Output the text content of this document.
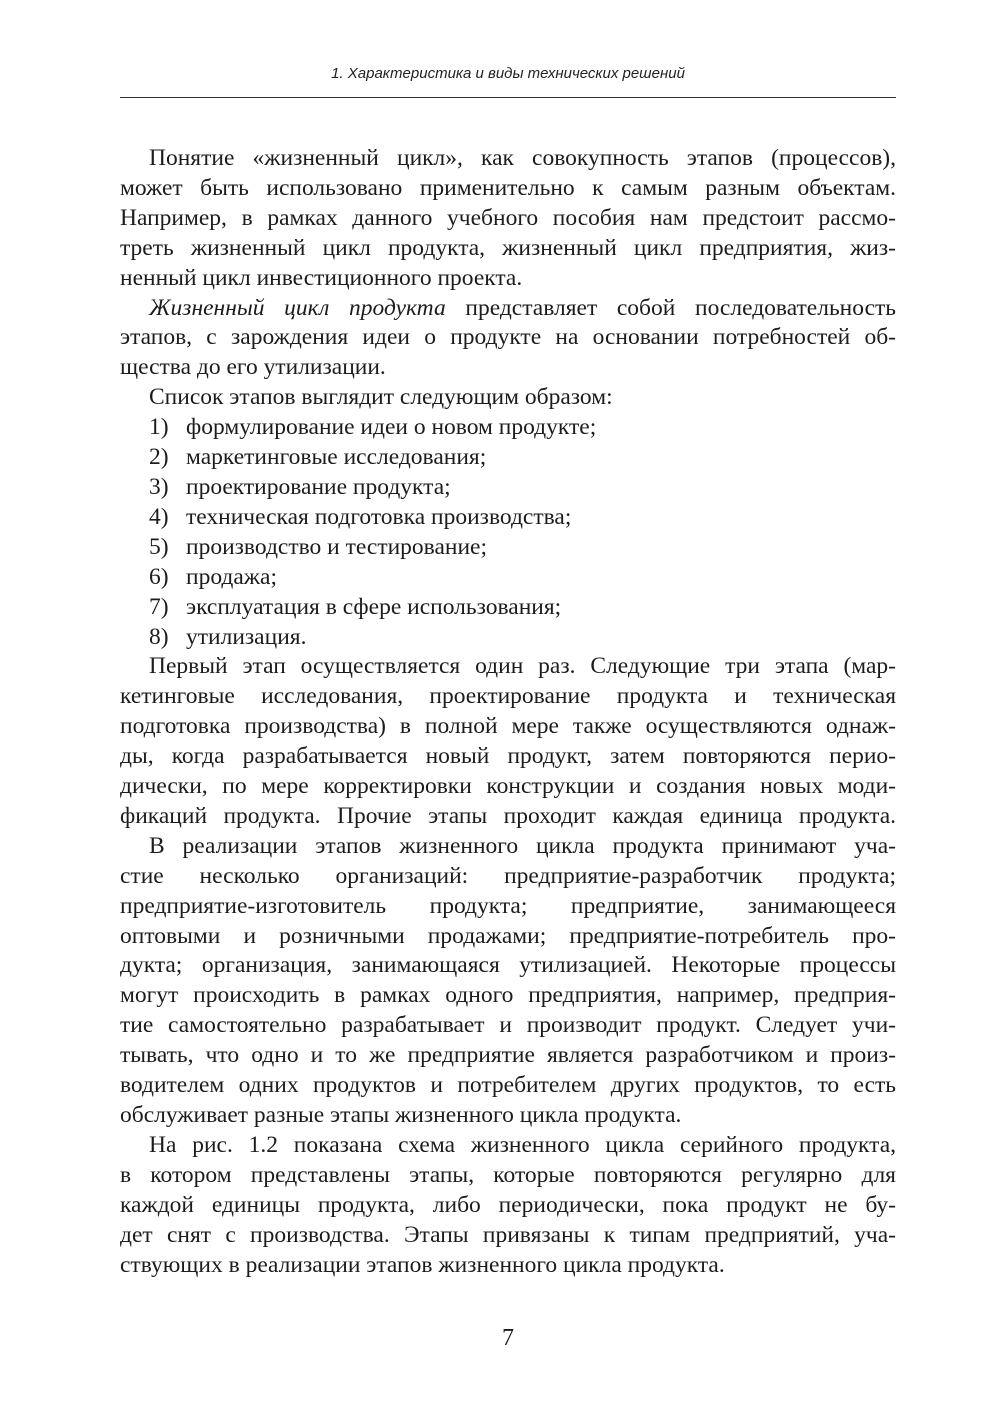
1. Характеристика и виды технических решений
Понятие «жизненный цикл», как совокупность этапов (процессов),
может быть использовано применительно к самым разным объектам.
Например, в рамках данного учебного пособия нам предстоит рассмо-
треть жизненный цикл продукта, жизненный цикл предприятия, жиз-
ненный цикл инвестиционного проекта.
Жизненный цикл продукта представляет собой последовательность
этапов, с зарождения идеи о продукте на основании потребностей об-
щества до его утилизации.
Список этапов выглядит следующим образом:
1) формулирование идеи о новом продукте;
2) маркетинговые исследования;
3) проектирование продукта;
4) техническая подготовка производства;
5) производство и тестирование;
6) продажа;
7) эксплуатация в сфере использования;
8) утилизация.
Первый этап осуществляется один раз. Следующие три этапа (мар-
кетинговые исследования, проектирование продукта и техническая
подготовка производства) в полной мере также осуществляются однаж-
ды, когда разрабатывается новый продукт, затем повторяются перио-
дически, по мере корректировки конструкции и создания новых моди-
фикаций продукта. Прочие этапы проходит каждая единица продукта.
В реализации этапов жизненного цикла продукта принимают уча-
стие несколько организаций: предприятие-разработчик продукта;
предприятие-изготовитель продукта; предприятие, занимающееся
оптовыми и розничными продажами; предприятие-потребитель про-
дукта; организация, занимающаяся утилизацией. Некоторые процессы
могут происходить в рамках одного предприятия, например, предприя-
тие самостоятельно разрабатывает и производит продукт. Следует учи-
тывать, что одно и то же предприятие является разработчиком и произ-
водителем одних продуктов и потребителем других продуктов, то есть
обслуживает разные этапы жизненного цикла продукта.
На рис. 1.2 показана схема жизненного цикла серийного продукта,
в котором представлены этапы, которые повторяются регулярно для
каждой единицы продукта, либо периодически, пока продукт не бу-
дет снят с производства. Этапы привязаны к типам предприятий, уча-
ствующих в реализации этапов жизненного цикла продукта.
7
